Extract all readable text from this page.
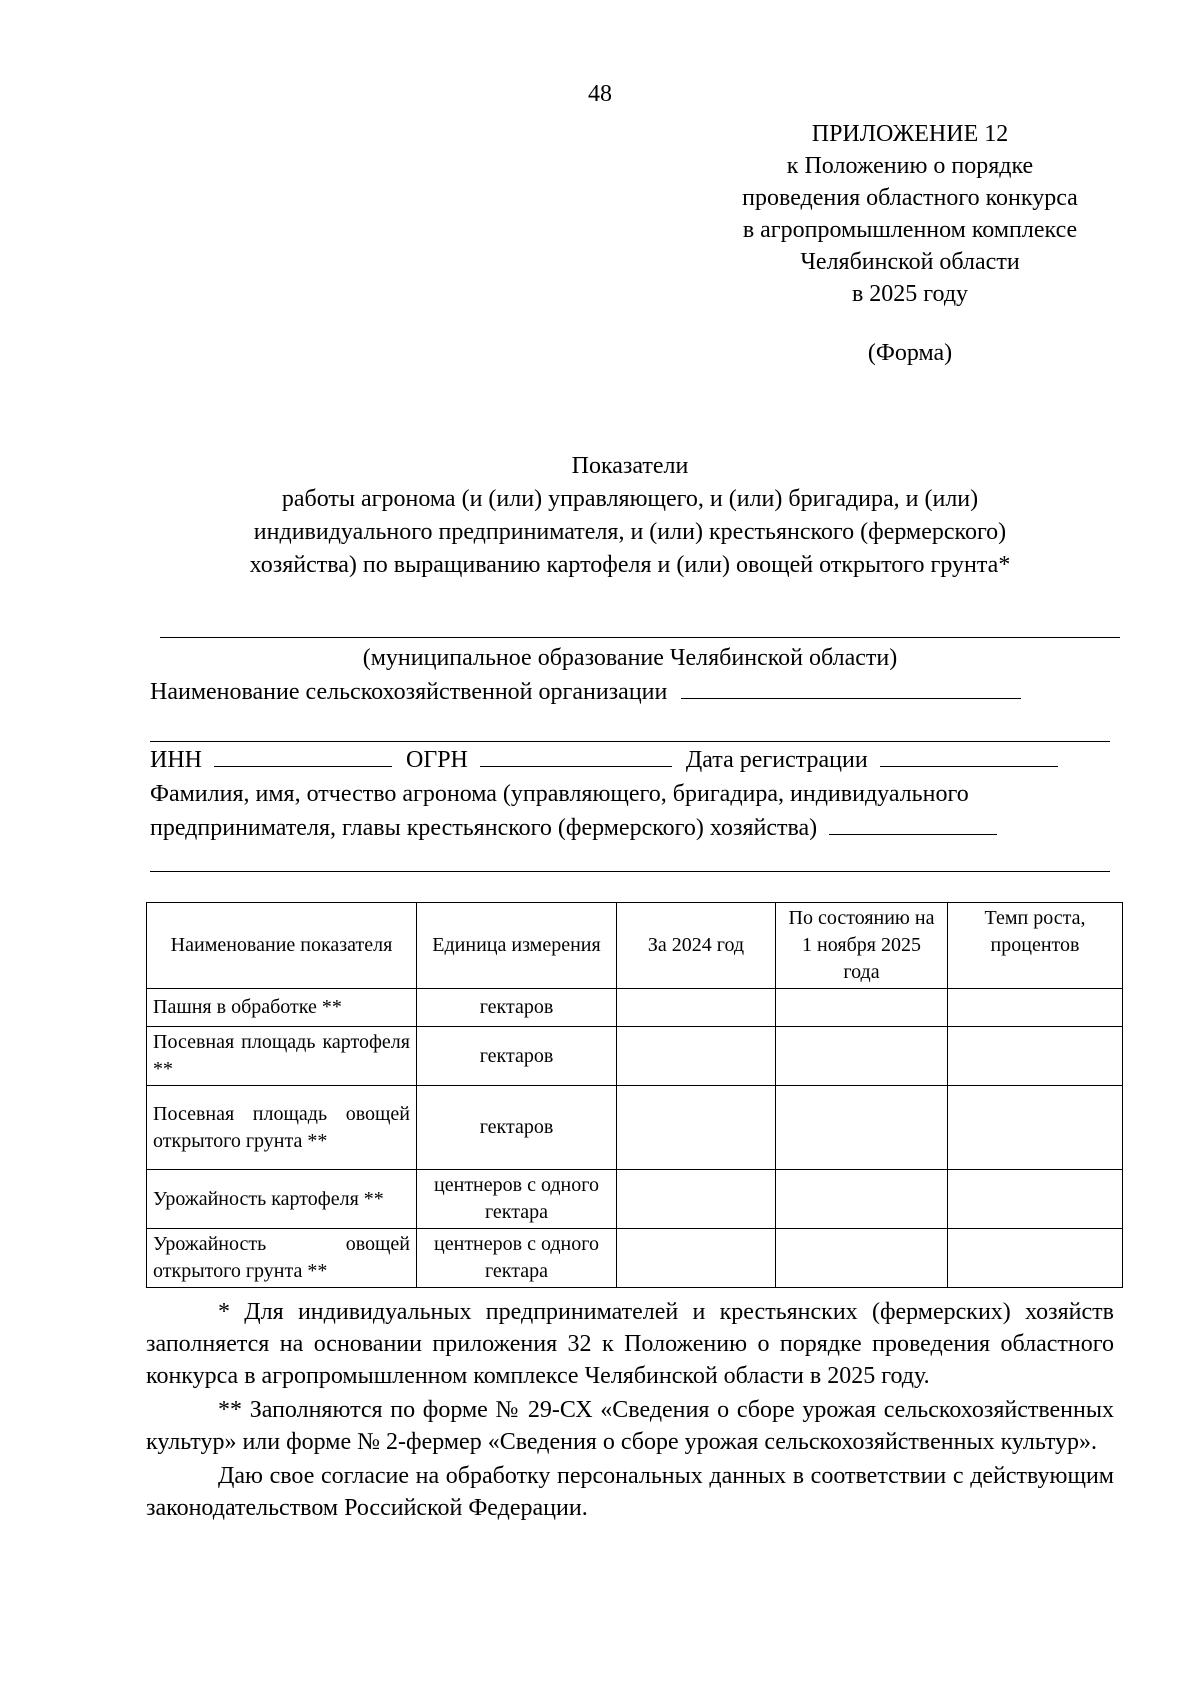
48
ПРИЛОЖЕНИЕ 12
к Положению о порядке
проведения областного конкурса
в агропромышленном комплексе
Челябинской области
в 2025 году
(Форма)
Показатели
работы агронома (и (или) управляющего, и (или) бригадира, и (или)
индивидуального предпринимателя, и (или) крестьянского (фермерского)
хозяйства) по выращиванию картофеля и (или) овощей открытого грунта*
(муниципальное образование Челябинской области)
Наименование сельскохозяйственной организации
ИНН	ОГРН	Дата регистрации
Фамилия, имя, отчество агронома (управляющего, бригадира, индивидуального
предпринимателя, главы крестьянского (фермерского) хозяйства)
Наименование показателя	Единица измерения	За 2024 год	По состоянию на 1 ноября 2025 года	Темп роста, процентов
Пашня в обработке **	гектаров			
Посевная площадь картофеля **	гектаров			
Посевная площадь овощей открытого грунта **	гектаров			
Урожайность картофеля **	центнеров с одного гектара			
Урожайность овощей открытого грунта **	центнеров с одного гектара			

* Для индивидуальных предпринимателей и крестьянских (фермерских) хозяйств заполняется на основании приложения 32 к Положению о порядке проведения областного конкурса в агропромышленном комплексе Челябинской области в 2025 году.

** Заполняются по форме № 29-СХ «Сведения о сборе урожая сельскохозяйственных культур» или форме № 2-фермер «Сведения о сборе урожая сельскохозяйственных культур».

Даю свое согласие на обработку персональных данных в соответствии с действующим законодательством Российской Федерации.
